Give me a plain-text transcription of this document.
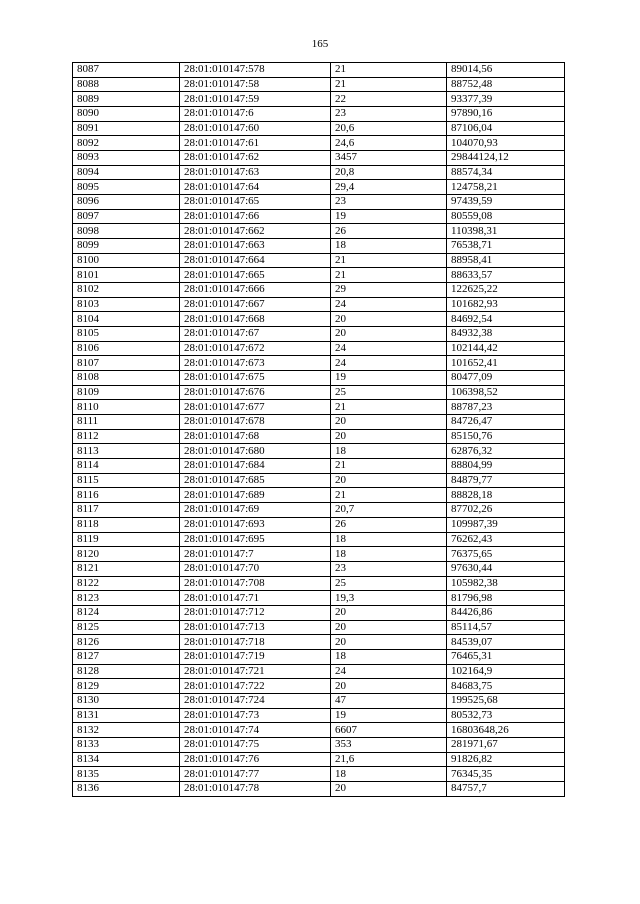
165
8087	28:01:010147:578	21	89014,56
8088	28:01:010147:58	21	88752,48
8089	28:01:010147:59	22	93377,39
8090	28:01:010147:6	23	97890,16
8091	28:01:010147:60	20,6	87106,04
8092	28:01:010147:61	24,6	104070,93
8093	28:01:010147:62	3457	29844124,12
8094	28:01:010147:63	20,8	88574,34
8095	28:01:010147:64	29,4	124758,21
8096	28:01:010147:65	23	97439,59
8097	28:01:010147:66	19	80559,08
8098	28:01:010147:662	26	110398,31
8099	28:01:010147:663	18	76538,71
8100	28:01:010147:664	21	88958,41
8101	28:01:010147:665	21	88633,57
8102	28:01:010147:666	29	122625,22
8103	28:01:010147:667	24	101682,93
8104	28:01:010147:668	20	84692,54
8105	28:01:010147:67	20	84932,38
8106	28:01:010147:672	24	102144,42
8107	28:01:010147:673	24	101652,41
8108	28:01:010147:675	19	80477,09
8109	28:01:010147:676	25	106398,52
8110	28:01:010147:677	21	88787,23
8111	28:01:010147:678	20	84726,47
8112	28:01:010147:68	20	85150,76
8113	28:01:010147:680	18	62876,32
8114	28:01:010147:684	21	88804,99
8115	28:01:010147:685	20	84879,77
8116	28:01:010147:689	21	88828,18
8117	28:01:010147:69	20,7	87702,26
8118	28:01:010147:693	26	109987,39
8119	28:01:010147:695	18	76262,43
8120	28:01:010147:7	18	76375,65
8121	28:01:010147:70	23	97630,44
8122	28:01:010147:708	25	105982,38
8123	28:01:010147:71	19,3	81796,98
8124	28:01:010147:712	20	84426,86
8125	28:01:010147:713	20	85114,57
8126	28:01:010147:718	20	84539,07
8127	28:01:010147:719	18	76465,31
8128	28:01:010147:721	24	102164,9
8129	28:01:010147:722	20	84683,75
8130	28:01:010147:724	47	199525,68
8131	28:01:010147:73	19	80532,73
8132	28:01:010147:74	6607	16803648,26
8133	28:01:010147:75	353	281971,67
8134	28:01:010147:76	21,6	91826,82
8135	28:01:010147:77	18	76345,35
8136	28:01:010147:78	20	84757,7
